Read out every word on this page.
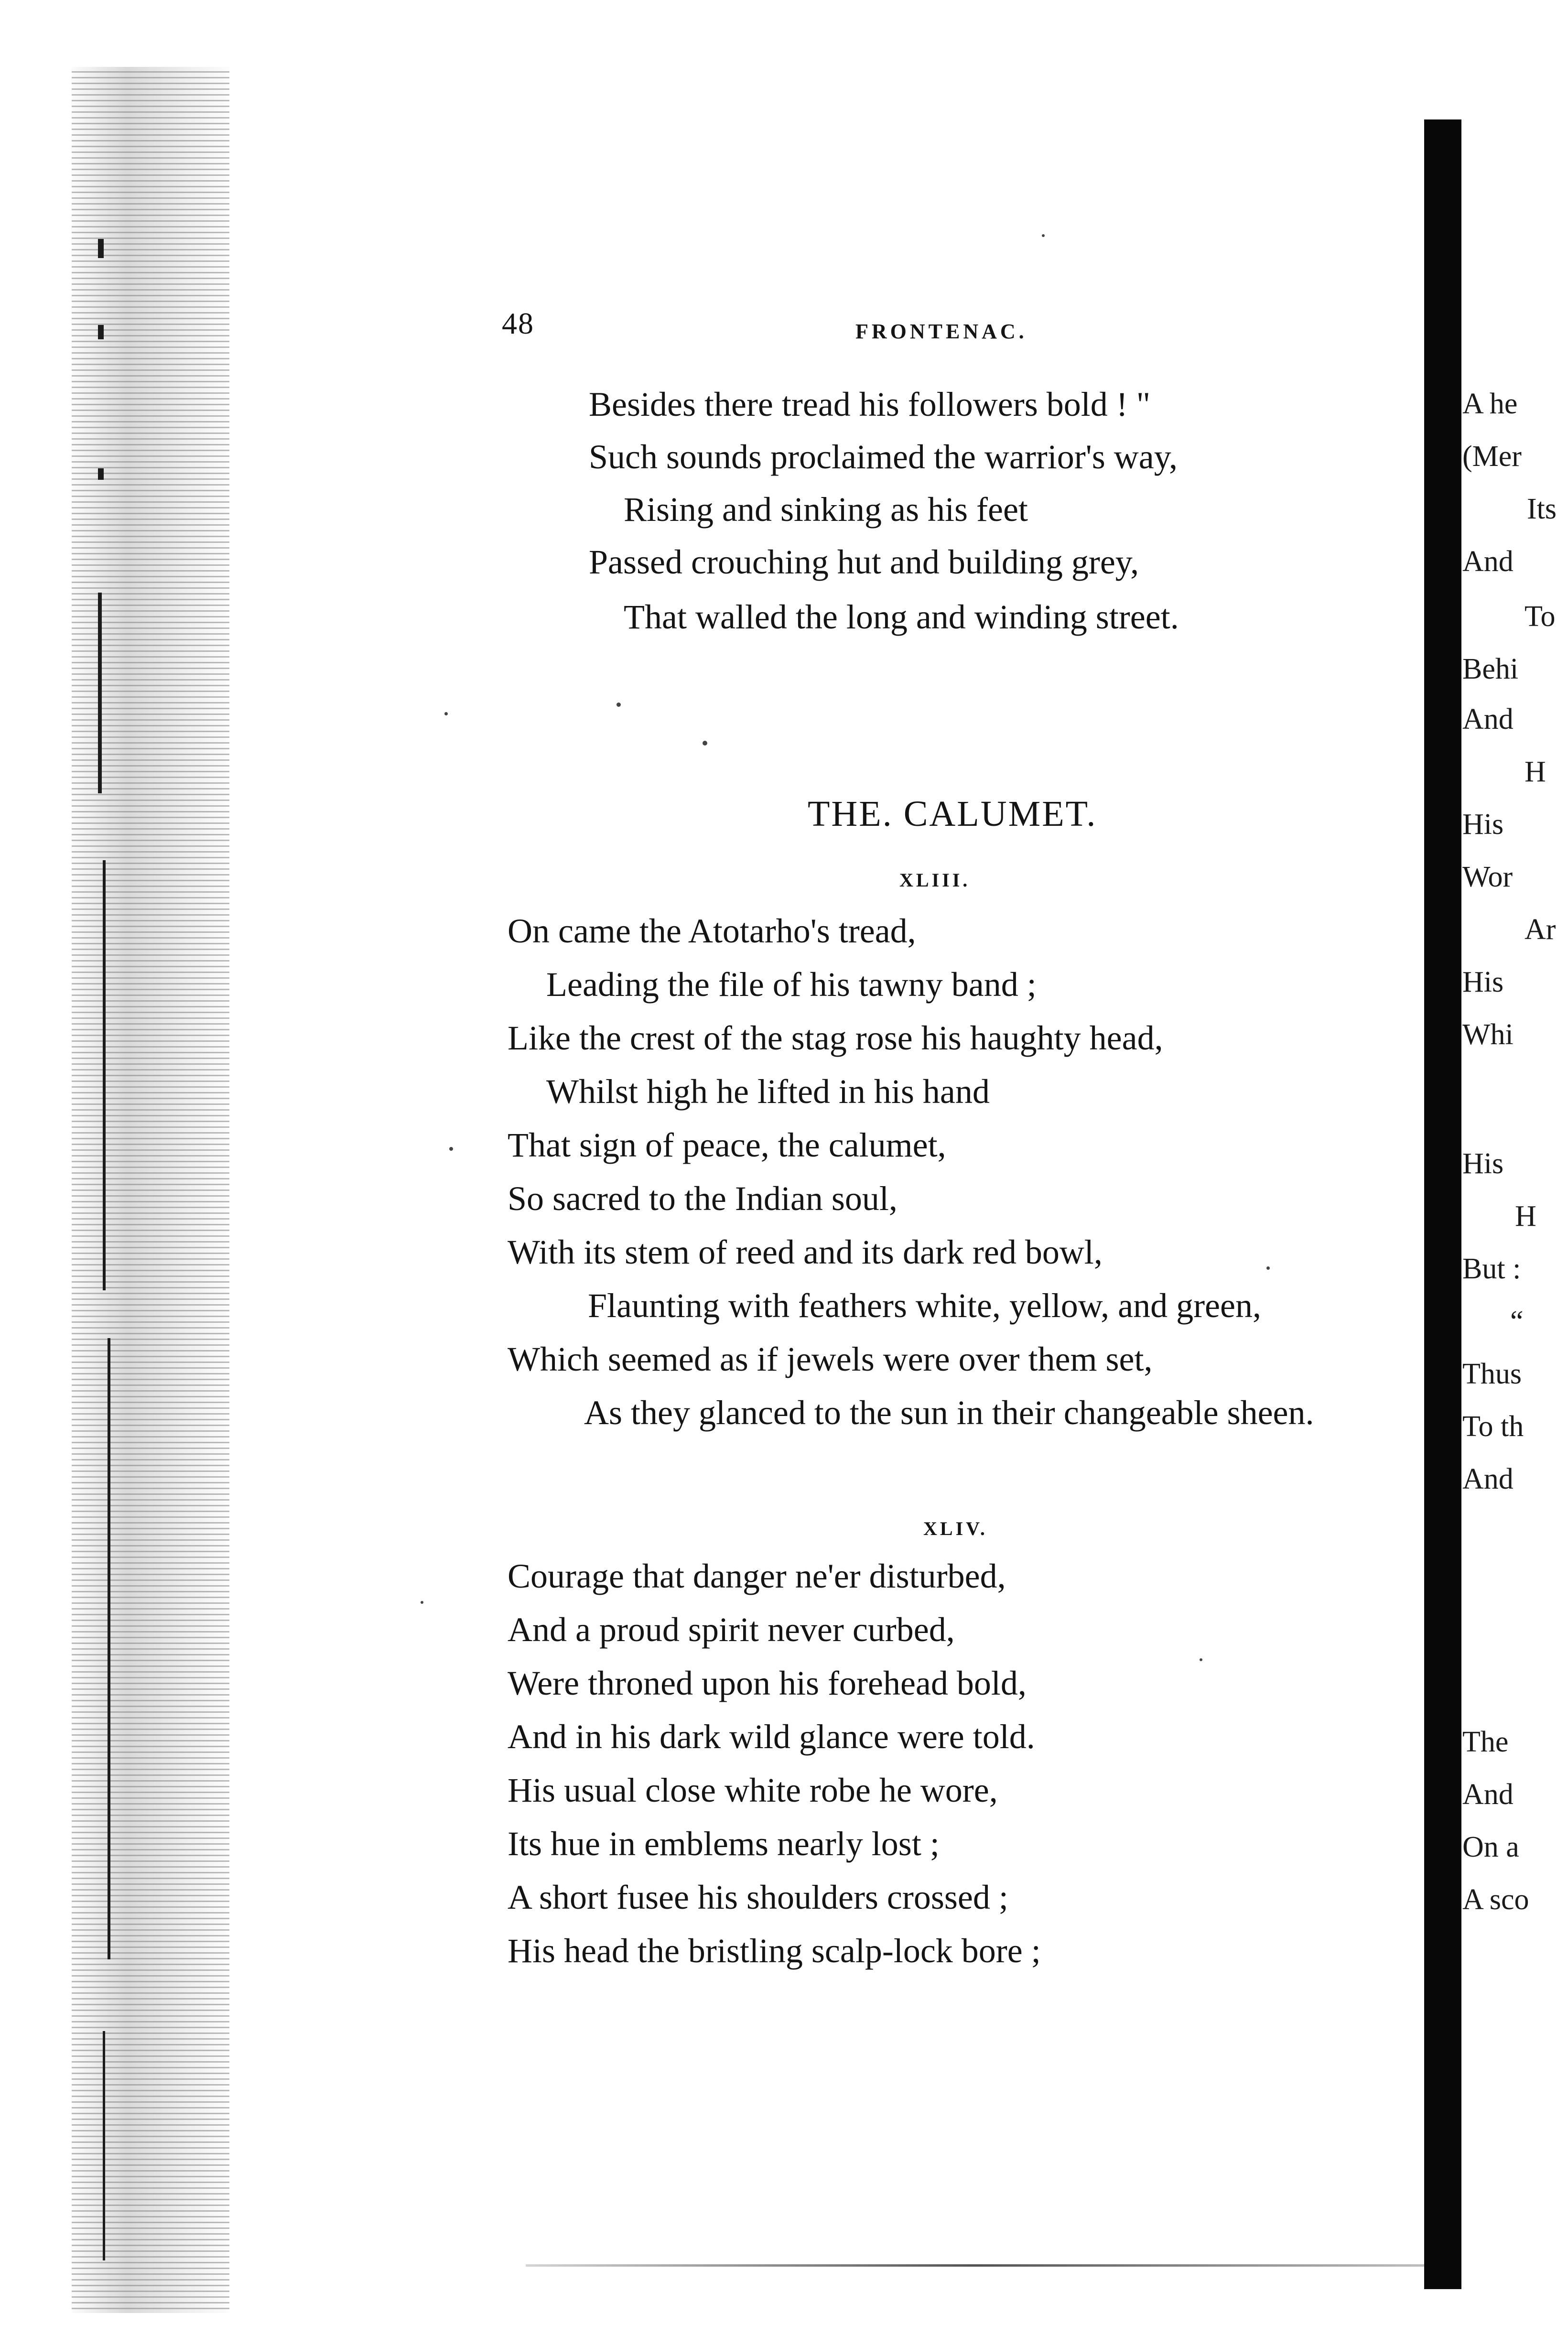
48	FRONTENAC.
Besides there tread his followers bold ! "
Such sounds proclaimed the warrior's way,
Rising and sinking as his feet
Passed crouching hut and building grey,
That walled the long and winding street.
THE. CALUMET.
XLIII.
On came the Atotarho's tread,
Leading the file of his tawny band ;
Like the crest of the stag rose his haughty head,
Whilst high he lifted in his hand
That sign of peace, the calumet,
So sacred to the Indian soul,
With its stem of reed and its dark red bowl,
Flaunting with feathers white, yellow, and green,
Which seemed as if jewels were over them set,
As they glanced to the sun in their changeable sheen.
XLIV.
Courage that danger ne'er disturbed,
And a proud spirit never curbed,
Were throned upon his forehead bold,
And in his dark wild glance were told.
His usual close white robe he wore,
Its hue in emblems nearly lost ;
A short fusee his shoulders crossed ;
His head the bristling scalp-lock bore ;
A he
(Mer
Its
And
To
Behi
And
H
His
Wor
Ar
His
Whi
His
H
But :
“
Thus
To th
And
The
And
On a
A sco
